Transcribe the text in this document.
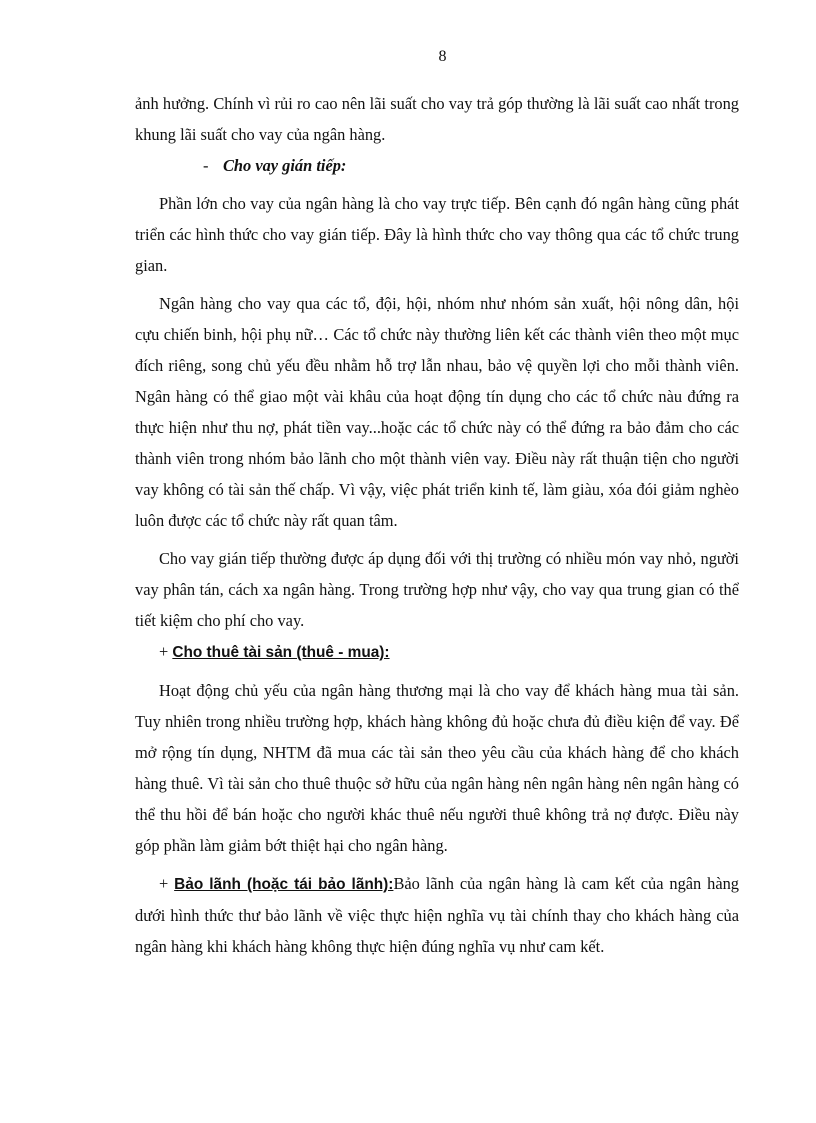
8

ảnh hưởng. Chính vì rủi ro cao nên lãi suất cho vay trả góp thường là lãi suất cao nhất trong khung lãi suất cho vay của ngân hàng.

- Cho vay gián tiếp:

Phần lớn cho vay của ngân hàng là cho vay trực tiếp. Bên cạnh đó ngân hàng cũng phát triển các hình thức cho vay gián tiếp. Đây là hình thức cho vay thông qua các tổ chức trung gian.

Ngân hàng cho vay qua các tổ, đội, hội, nhóm như nhóm sản xuất, hội nông dân, hội cựu chiến binh, hội phụ nữ… Các tổ chức này thường liên kết các thành viên theo một mục đích riêng, song chủ yếu đều nhằm hỗ trợ lẫn nhau, bảo vệ quyền lợi cho mỗi thành viên. Ngân hàng có thể giao một vài khâu của hoạt động tín dụng cho các tổ chức nàu đứng ra thực hiện như thu nợ, phát tiền vay...hoặc các tổ chức này có thể đứng ra bảo đảm cho các thành viên trong nhóm bảo lãnh cho một thành viên vay. Điều này rất thuận tiện cho người vay không có tài sản thế chấp. Vì vậy, việc phát triển kinh tế, làm giàu, xóa đói giảm nghèo luôn được các tổ chức này rất quan tâm.

Cho vay gián tiếp thường được áp dụng đối với thị trường có nhiều món vay nhỏ, người vay phân tán, cách xa ngân hàng. Trong trường hợp như vậy, cho vay qua trung gian có thể tiết kiệm cho phí cho vay.

+ Cho thuê tài sản (thuê - mua):

Hoạt động chủ yếu của ngân hàng thương mại là cho vay để khách hàng mua tài sản. Tuy nhiên trong nhiều trường hợp, khách hàng không đủ hoặc chưa đủ điều kiện để vay. Để mở rộng tín dụng, NHTM đã mua các tài sản theo yêu cầu của khách hàng để cho khách hàng thuê. Vì tài sản cho thuê thuộc sở hữu của ngân hàng nên ngân hàng nên ngân hàng có thể thu hồi để bán hoặc cho người khác thuê nếu người thuê không trả nợ được. Điều này góp phần làm giảm bớt thiệt hại cho ngân hàng.

+ Bảo lãnh (hoặc tái bảo lãnh):Bảo lãnh của ngân hàng là cam kết của ngân hàng dưới hình thức thư bảo lãnh về việc thực hiện nghĩa vụ tài chính thay cho khách hàng của ngân hàng khi khách hàng không thực hiện đúng nghĩa vụ như cam kết.
